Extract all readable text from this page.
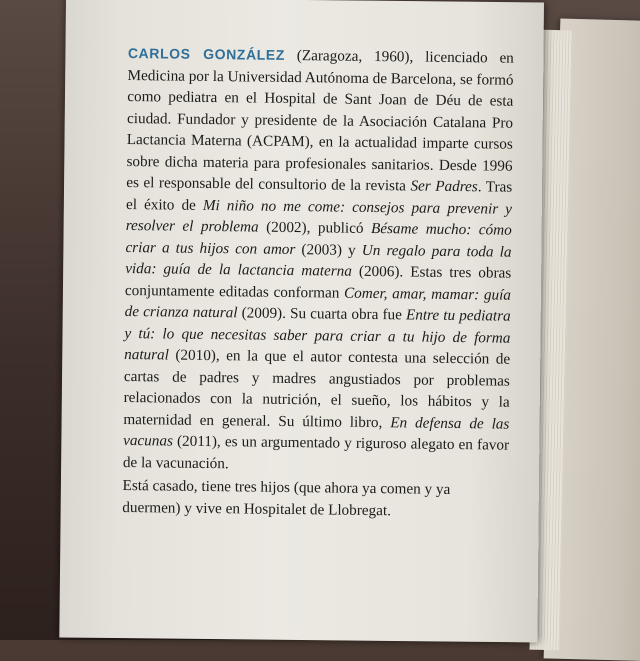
CARLOS GONZÁLEZ (Zaragoza, 1960), licenciado en Medicina por la Universidad Autónoma de Barcelona, se formó como pediatra en el Hospital de Sant Joan de Déu de esta ciudad. Fundador y presidente de la Asociación Catalana Pro Lactancia Materna (ACPAM), en la actualidad imparte cursos sobre dicha materia para profesionales sanitarios. Desde 1996 es el responsable del consultorio de la revista Ser Padres. Tras el éxito de Mi niño no me come: consejos para prevenir y resolver el problema (2002), publicó Bésame mucho: cómo criar a tus hijos con amor (2003) y Un regalo para toda la vida: guía de la lactancia materna (2006). Estas tres obras conjuntamente editadas conforman Comer, amar, mamar: guía de crianza natural (2009). Su cuarta obra fue Entre tu pediatra y tú: lo que necesitas saber para criar a tu hijo de forma natural (2010), en la que el autor contesta una selección de cartas de padres y madres angustiados por problemas relacionados con la nutrición, el sueño, los hábitos y la maternidad en general. Su último libro, En defensa de las vacunas (2011), es un argumentado y riguroso alegato en favor de la vacunación.

Está casado, tiene tres hijos (que ahora ya comen y ya duermen) y vive en Hospitalet de Llobregat.
